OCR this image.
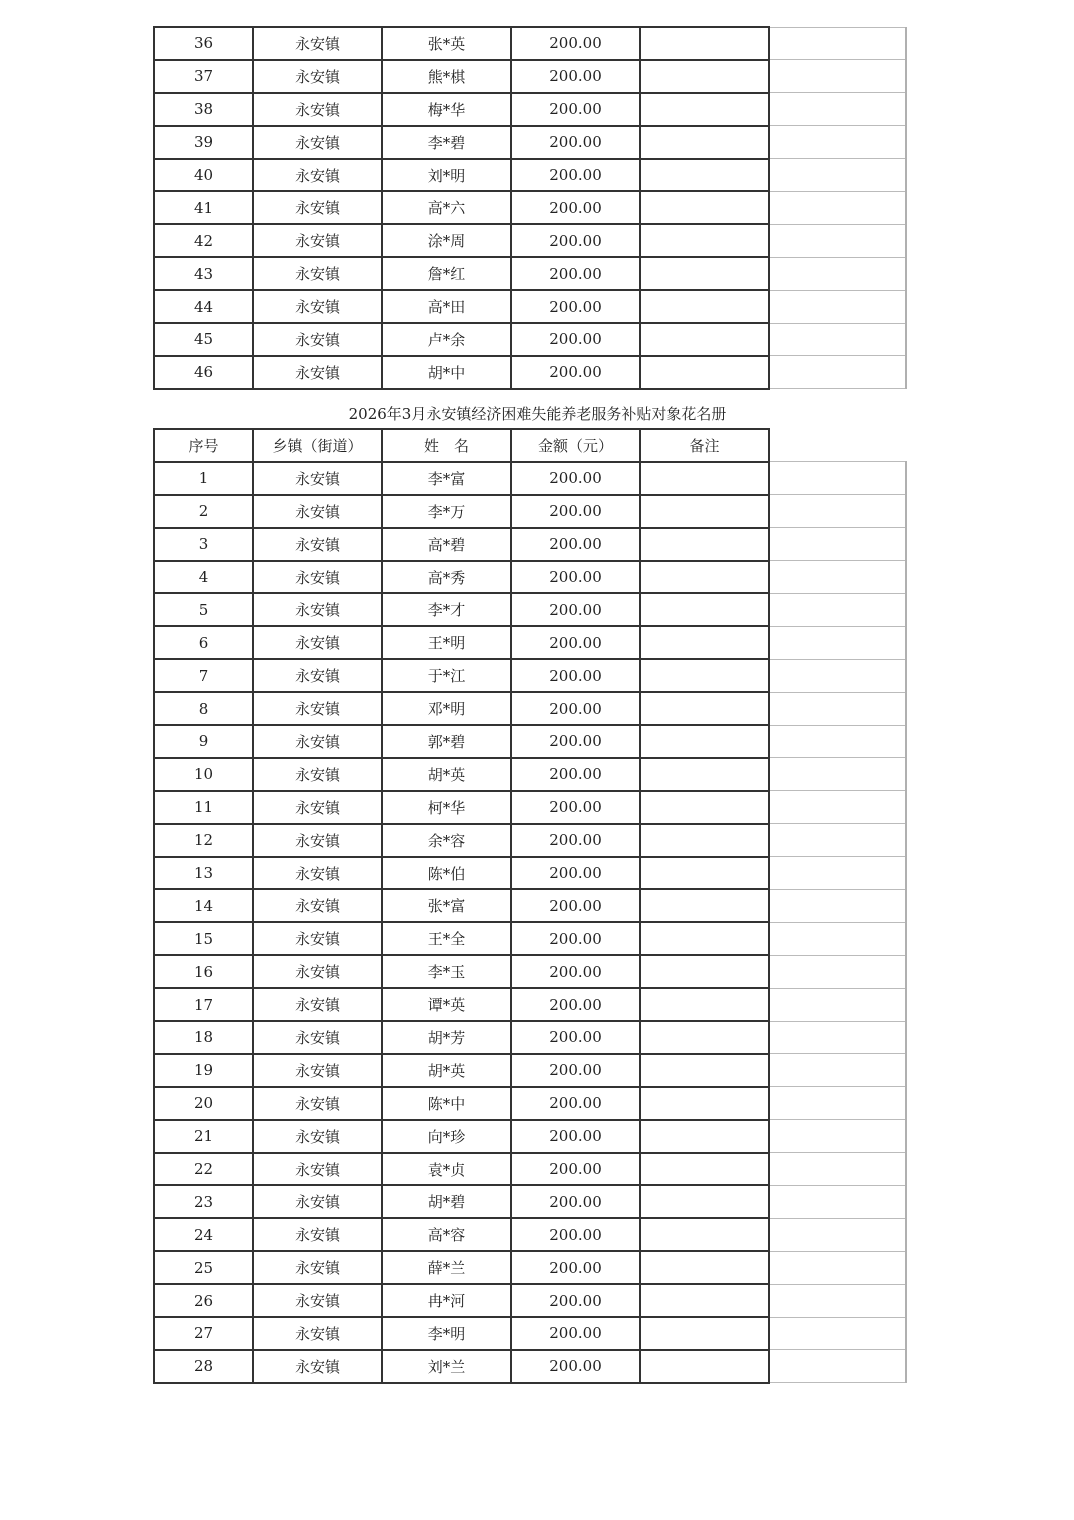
36	永安镇	张*英	200.00		
37	永安镇	熊*棋	200.00		
38	永安镇	梅*华	200.00		
39	永安镇	李*碧	200.00		
40	永安镇	刘*明	200.00		
41	永安镇	高*六	200.00		
42	永安镇	涂*周	200.00		
43	永安镇	詹*红	200.00		
44	永安镇	高*田	200.00		
45	永安镇	卢*余	200.00		
46	永安镇	胡*中	200.00		
2026年3月永安镇经济困难失能养老服务补贴对象花名册
序号	乡镇（街道）	姓　名	金额（元）	备注	
1	永安镇	李*富	200.00		
2	永安镇	李*万	200.00		
3	永安镇	高*碧	200.00		
4	永安镇	高*秀	200.00		
5	永安镇	李*才	200.00		
6	永安镇	王*明	200.00		
7	永安镇	于*江	200.00		
8	永安镇	邓*明	200.00		
9	永安镇	郭*碧	200.00		
10	永安镇	胡*英	200.00		
11	永安镇	柯*华	200.00		
12	永安镇	余*容	200.00		
13	永安镇	陈*伯	200.00		
14	永安镇	张*富	200.00		
15	永安镇	王*全	200.00		
16	永安镇	李*玉	200.00		
17	永安镇	谭*英	200.00		
18	永安镇	胡*芳	200.00		
19	永安镇	胡*英	200.00		
20	永安镇	陈*中	200.00		
21	永安镇	向*珍	200.00		
22	永安镇	袁*贞	200.00		
23	永安镇	胡*碧	200.00		
24	永安镇	高*容	200.00		
25	永安镇	薛*兰	200.00		
26	永安镇	冉*河	200.00		
27	永安镇	李*明	200.00		
28	永安镇	刘*兰	200.00		
